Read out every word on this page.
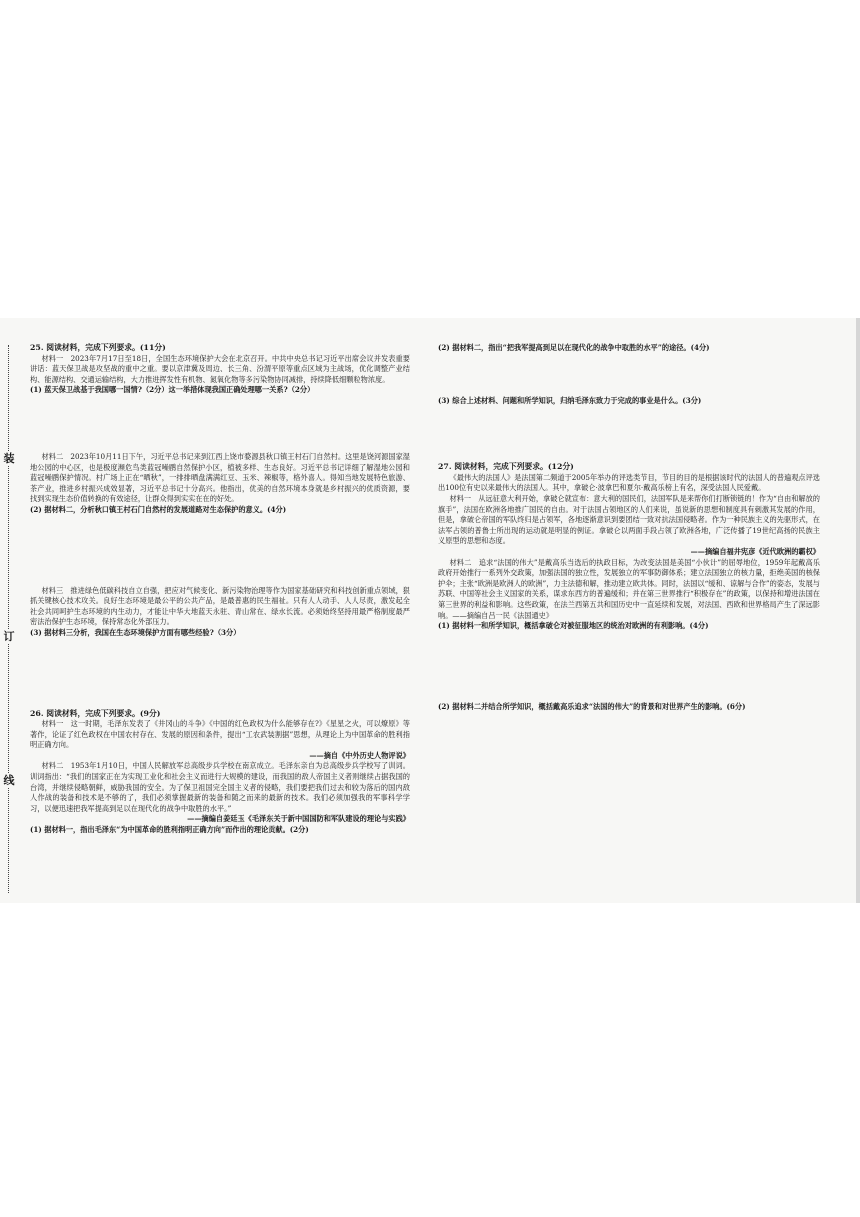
装
订
线
25. 阅读材料，完成下列要求。(11分)

材料一　2023年7月17日至18日，全国生态环境保护大会在北京召开。中共中央总书记习近平出席会议并发表重要讲话：蓝天保卫战是攻坚战的重中之重。要以京津冀及周边、长三角、汾渭平原等重点区域为主战场，优化调整产业结构、能源结构、交通运输结构，大力推进挥发性有机物、氮氧化物等多污染物协同减排，持续降低细颗粒物浓度。

(1) 蓝天保卫战基于我国哪一国情?（2分）这一举措体现我国正确处理哪一关系?（2分）

材料二　2023年10月11日下午，习近平总书记来到江西上饶市婺源县秋口镇王村石门自然村。这里是饶河源国家湿地公园的中心区，也是极度濒危鸟类蓝冠噪鹛自然保护小区，植被多样、生态良好。习近平总书记详细了解湿地公园和蓝冠噪鹛保护情况。村广场上正在“晒秋”，一排排晒盘满满红豆、玉米、辣椒等，格外喜人。得知当地发展特色旅游、茶产业，推进乡村振兴成效显著，习近平总书记十分高兴。他指出，优美的自然环境本身就是乡村振兴的优质资源，要找到实现生态价值转换的有效途径，让群众得到实实在在的好处。

(2) 据材料二，分析秋口镇王村石门自然村的发展道路对生态保护的意义。(4分)

材料三　推进绿色低碳科技自立自强，把应对气候变化、新污染物治理等作为国家基础研究和科技创新重点领域，狠抓关键核心技术攻关。良好生态环境是最公平的公共产品，是最普惠的民生福祉。只有人人动手、人人尽责，激发起全社会共同呵护生态环境的内生动力，才能让中华大地蓝天永驻、青山常在、绿水长流。必须始终坚持用最严格制度最严密法治保护生态环境，保持常态化外部压力。

(3) 据材料三分析，我国在生态环境保护方面有哪些经验?（3分）

26. 阅读材料，完成下列要求。(9分)

材料一　这一时期，毛泽东发表了《井冈山的斗争》《中国的红色政权为什么能够存在?》《星星之火，可以燎原》等著作，论证了红色政权在中国农村存在、发展的原因和条件，提出“工农武装割据”思想，从理论上为中国革命的胜利指明正确方向。

——摘自《中外历史人物评说》

材料二　1953年1月10日，中国人民解放军总高级步兵学校在南京成立。毛泽东亲自为总高级步兵学校写了训词。训词指出：“我们的国家正在为实现工业化和社会主义而进行大规模的建设，而我国的敌人帝国主义者则继续占据我国的台湾，并继续侵略朝鲜，威胁我国的安全。为了保卫祖国完全国主义者的侵略，我们要把我们过去和较为落后的国内敌人作战的装备和技术是不够的了，我们必须掌握最新的装备和随之而来的最新的技术。我们必须加强我的军事科学学习，以便迅速把我军提高到足以在现代化的战争中取胜的水平。”

——摘编自姜廷玉《毛泽东关于新中国国防和军队建设的理论与实践》

(1) 据材料一，指出毛泽东“为中国革命的胜利指明正确方向”而作出的理论贡献。(2分)

(2) 据材料二，指出“把我军提高到足以在现代化的战争中取胜的水平”的途径。(4分)

(3) 综合上述材料、问题和所学知识，归纳毛泽东致力于完成的事业是什么。(3分)

27. 阅读材料，完成下列要求。(12分)

《最伟大的法国人》是法国第二频道于2005年举办的评选类节目，节目的目的是根据该时代的法国人的普遍观点评选出100位有史以来最伟大的法国人。其中，拿破仑·波拿巴和夏尔·戴高乐榜上有名，深受法国人民爱戴。

材料一　从远征意大利开始，拿破仑就宣布：意大利的国民们，法国军队是来帮你们打断锁链的！作为“自由和解放的旗手”，法国在欧洲各地推广国民的自由。对于法国占领地区的人们来说，虽说新的思想和制度具有刺激其发展的作用，但是，拿破仑帝国的军队终归是占领军，各地逐渐意识到要团结一致对抗法国侵略者。作为一种民族主义的先驱形式，在法军占领的普鲁士所出现的运动就是明显的例证。拿破仑以两面手段占领了欧洲各地，广泛传播了19世纪高扬的民族主义原型的思想和态度。

——摘编自福井宪彦《近代欧洲的霸权》

材料二　追求“法国的伟大”是戴高乐当选后的执政目标，为改变法国是美国“小伙计”的屈辱地位，1959年起戴高乐政府开始推行一系列外交政策，加强法国的独立性，发展独立的军事防御体系；建立法国独立的核力量，拒绝美国的核保护伞；主张“欧洲是欧洲人的欧洲”，力主法德和解，推动建立欧共体。同时，法国以“缓和、谅解与合作”的姿态，发展与苏联、中国等社会主义国家的关系，谋求东西方的普遍缓和；并在第三世界推行“积极存在”的政策，以保持和增进法国在第三世界的利益和影响。这些政策，在法兰西第五共和国历史中一直延续和发展，对法国、西欧和世界格局产生了深远影响。——摘编自吕一民《法国通史》

(1) 据材料一和所学知识，概括拿破仑对被征服地区的统治对欧洲的有利影响。(4分)

(2) 据材料二并结合所学知识，概括戴高乐追求“法国的伟大”的背景和对世界产生的影响。(6分)
